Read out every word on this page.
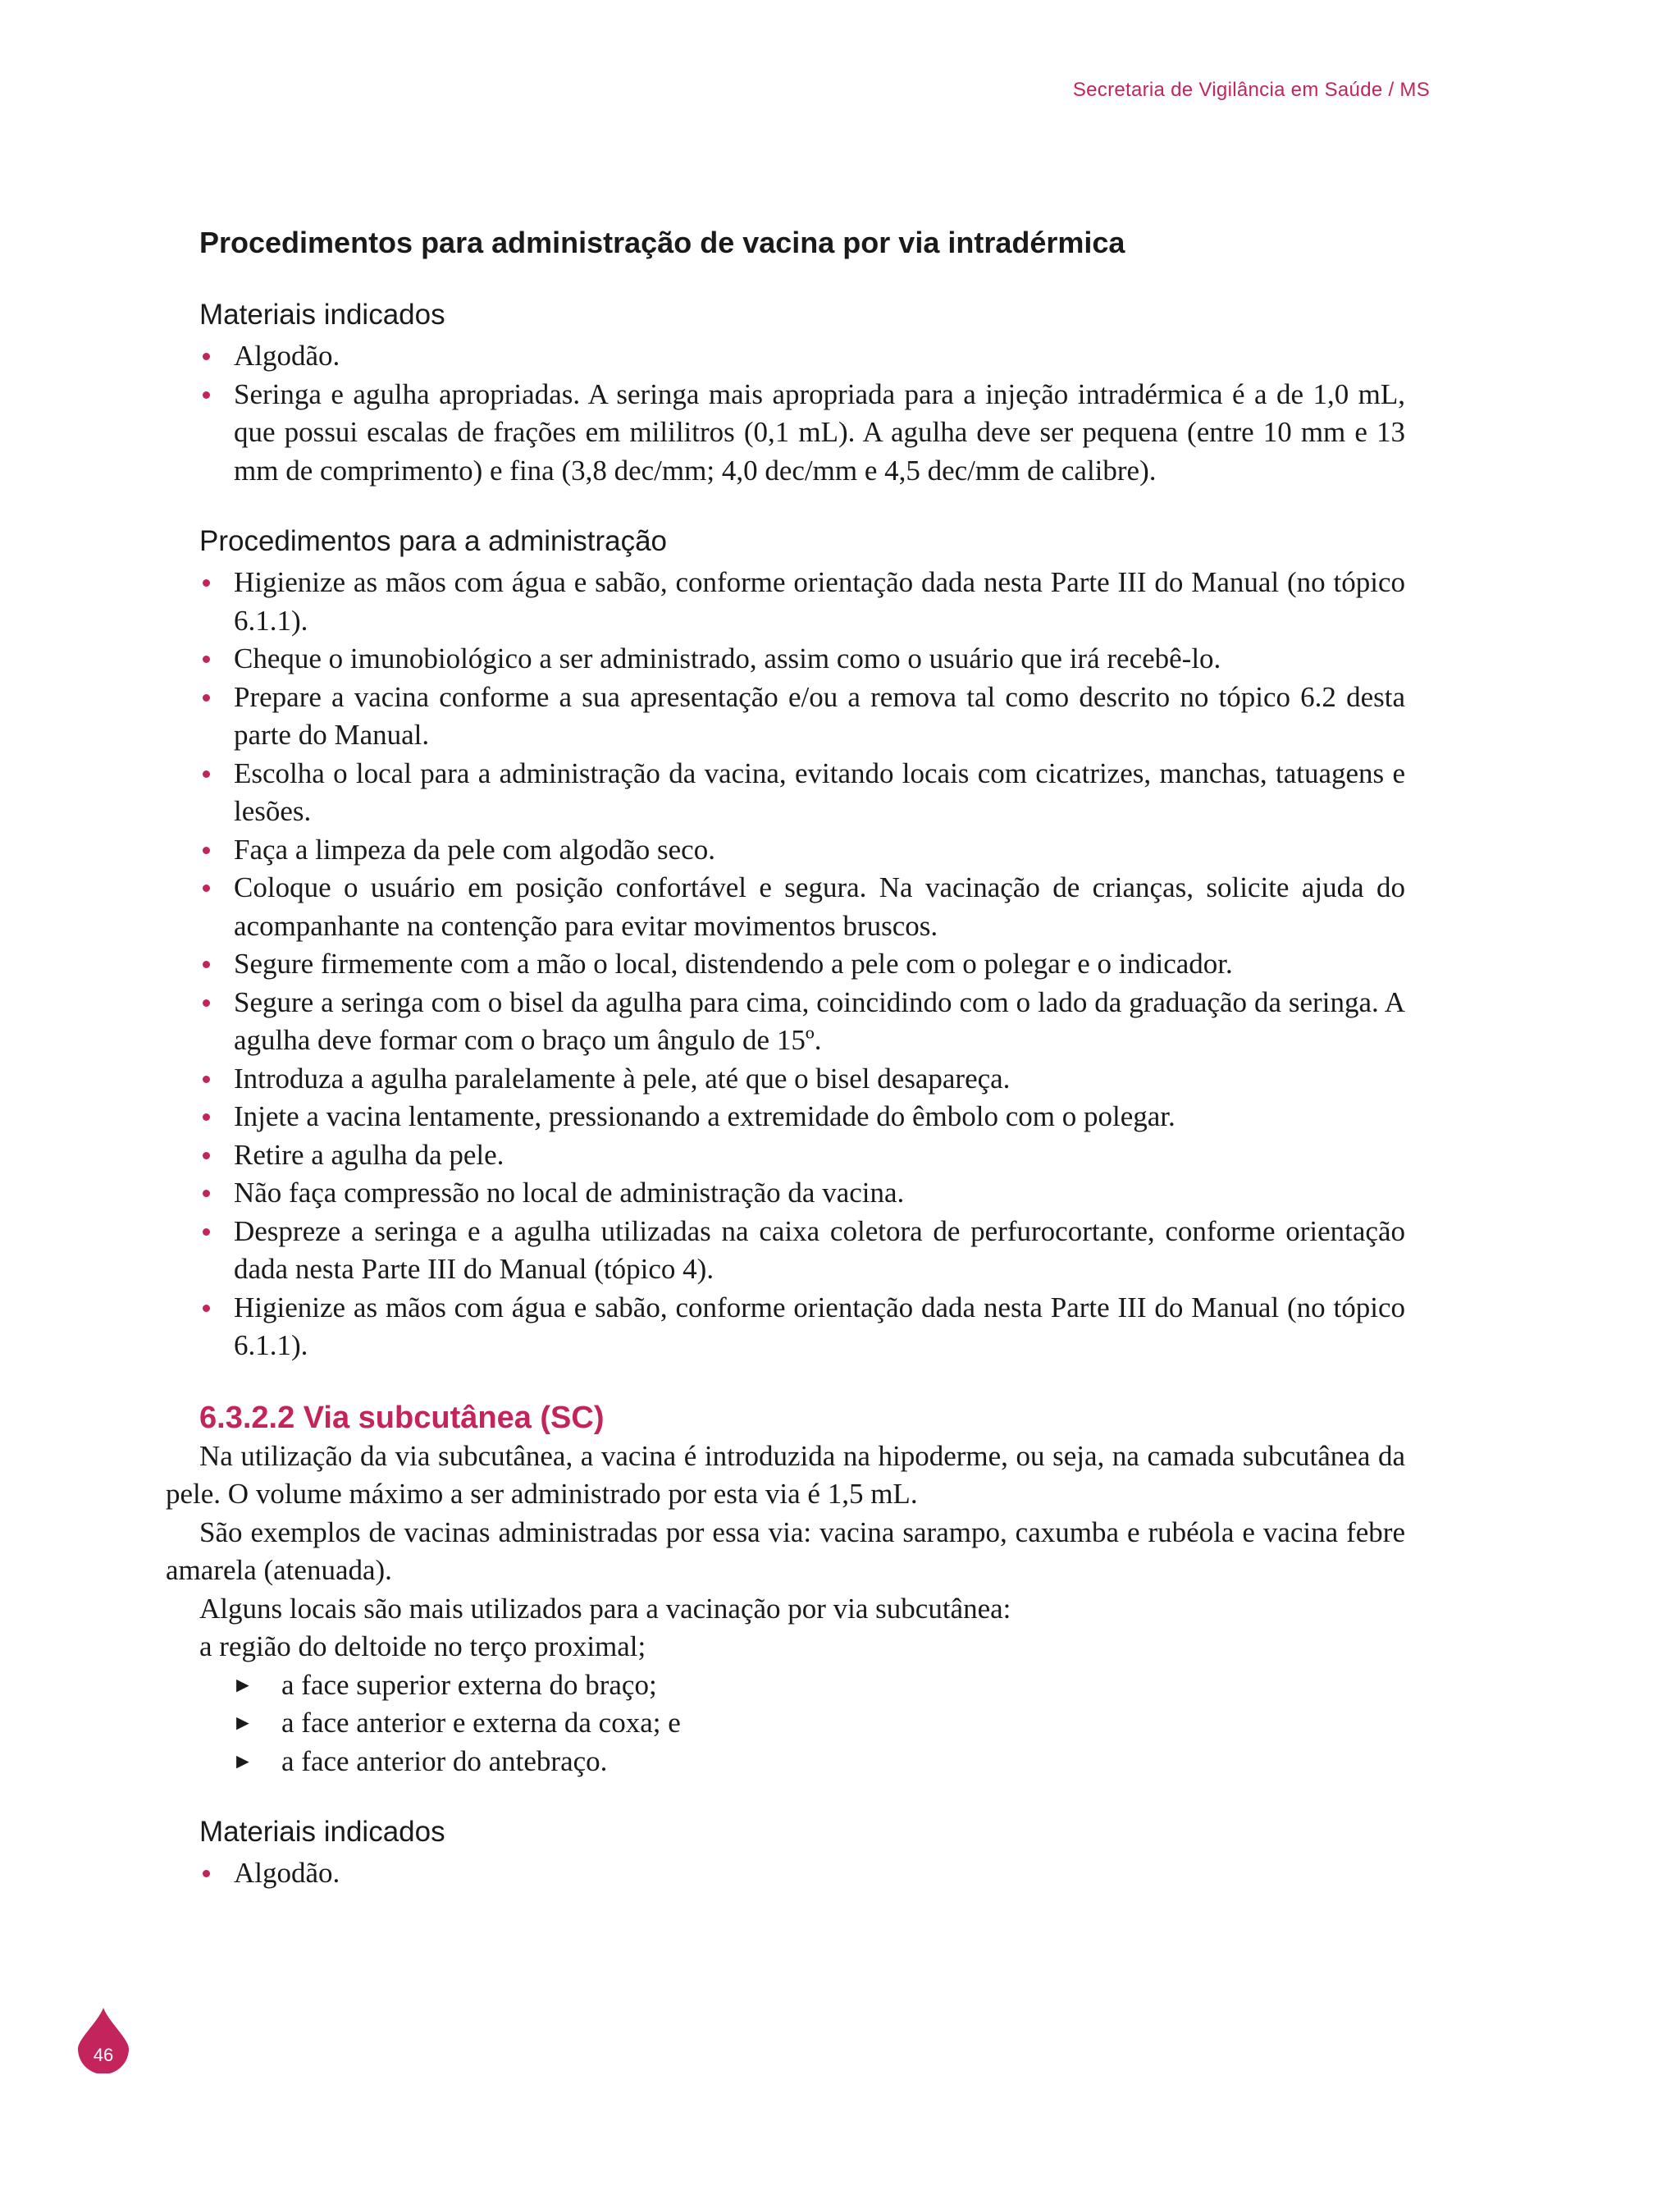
Secretaria de Vigilância em Saúde / MS
Procedimentos para administração de vacina por via intradérmica
Materiais indicados
Algodão.
Seringa e agulha apropriadas. A seringa mais apropriada para a injeção intradérmica é a de 1,0 mL, que possui escalas de frações em mililitros (0,1 mL). A agulha deve ser pequena (entre 10 mm e 13 mm de comprimento) e fina (3,8 dec/mm; 4,0 dec/mm e 4,5 dec/mm de calibre).
Procedimentos para a administração
Higienize as mãos com água e sabão, conforme orientação dada nesta Parte III do Manual (no tópico 6.1.1).
Cheque o imunobiológico a ser administrado, assim como o usuário que irá recebê-lo.
Prepare a vacina conforme a sua apresentação e/ou a remova tal como descrito no tópico 6.2 desta parte do Manual.
Escolha o local para a administração da vacina, evitando locais com cicatrizes, manchas, tatuagens e lesões.
Faça a limpeza da pele com algodão seco.
Coloque o usuário em posição confortável e segura. Na vacinação de crianças, solicite ajuda do acompanhante na contenção para evitar movimentos bruscos.
Segure firmemente com a mão o local, distendendo a pele com o polegar e o indicador.
Segure a seringa com o bisel da agulha para cima, coincidindo com o lado da graduação da seringa. A agulha deve formar com o braço um ângulo de 15º.
Introduza a agulha paralelamente à pele, até que o bisel desapareça.
Injete a vacina lentamente, pressionando a extremidade do êmbolo com o polegar.
Retire a agulha da pele.
Não faça compressão no local de administração da vacina.
Despreze a seringa e a agulha utilizadas na caixa coletora de perfurocortante, conforme orientação dada nesta Parte III do Manual (tópico 4).
Higienize as mãos com água e sabão, conforme orientação dada nesta Parte III do Manual (no tópico 6.1.1).
6.3.2.2 Via subcutânea (SC)

Na utilização da via subcutânea, a vacina é introduzida na hipoderme, ou seja, na camada subcutânea da pele. O volume máximo a ser administrado por esta via é 1,5 mL.

São exemplos de vacinas administradas por essa via: vacina sarampo, caxumba e rubéola e vacina febre amarela (atenuada).

Alguns locais são mais utilizados para a vacinação por via subcutânea:

a região do deltoide no terço proximal;

► a face superior externa do braço;
► a face anterior e externa da coxa; e
► a face anterior do antebraço.
Materiais indicados
Algodão.
46
